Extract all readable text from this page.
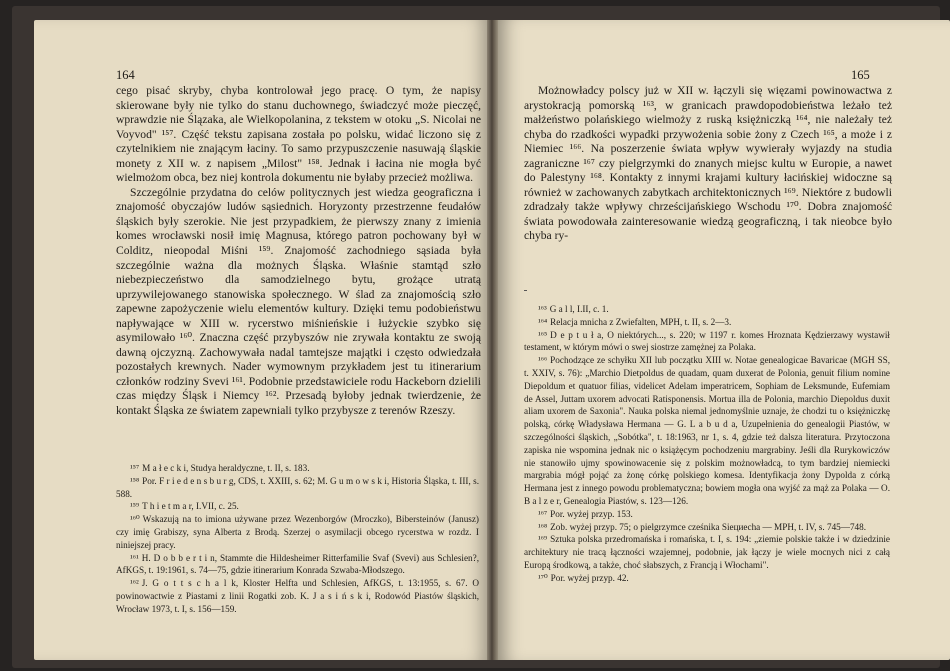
164

cego pisać skryby, chyba kontrolował jego pracę. O tym, że napisy skierowane były nie tylko do stanu duchownego, świadczyć może pieczęć, wprawdzie nie Ślązaka, ale Wielkopolanina, z tekstem w otoku „S. Nicolai ne Voyvod" ¹⁵⁷. Część tekstu zapisana została po polsku, widać liczono się z czytelnikiem nie znającym łaciny. To samo przypuszczenie nasuwają śląskie monety z XII w. z napisem „Milost" ¹⁵⁸. Jednak i łacina nie mogła być wielmożom obca, bez niej kontrola dokumentu nie byłaby przecież możliwa.

Szczególnie przydatna do celów politycznych jest wiedza geograficzna i znajomość obyczajów ludów sąsiednich. Horyzonty przestrzenne feudałów śląskich były szerokie. Nie jest przypadkiem, że pierwszy znany z imienia komes wrocławski nosił imię Magnusa, którego patron pochowany był w Colditz, nieopodal Miśni ¹⁵⁹. Znajomość zachodniego sąsiada była szczególnie ważna dla możnych Śląska. Właśnie stamtąd szło niebezpieczeństwo dla samodzielnego bytu, grożące utratą uprzywilejowanego stanowiska społecznego. W ślad za znajomością szło zapewne zapożyczenie wielu elementów kultury. Dzięki temu podobieństwu napływające w XIII w. rycerstwo miśnieńskie i łużyckie szybko się asymilowało ¹⁶⁰. Znaczna część przybyszów nie zrywała kontaktu ze swoją dawną ojczyzną. Zachowywała nadal tamtejsze majątki i często odwiedzała pozostałych krewnych. Nader wymownym przykładem jest tu itinerarium członków rodziny Svevi ¹⁶¹. Podobnie przedstawiciele rodu Hackeborn dzielili czas między Śląsk i Niemcy ¹⁶². Przesadą byłoby jednak twierdzenie, że kontakt Śląska ze światem zapewniali tylko przybysze z terenów Rzeszy.

¹⁵⁷ M a ł e c k i, Studya heraldyczne, t. II, s. 183.

¹⁵⁸ Por. F r i e d e n s b u r g, CDS, t. XXIII, s. 62; M. G u m o w s k i, Historia Śląska, t. III, s. 588.

¹⁵⁹ T h i e t m a r, I.VII, c. 25.

¹⁶⁰ Wskazują na to imiona używane przez Wezenborgów (Mroczko), Bibersteinów (Janusz) czy imię Grabiszy, syna Alberta z Brodą. Szerzej o asymilacji obcego rycerstwa w rozdz. I niniejszej pracy.

¹⁶¹ H. D o b b e r t i n, Stammte die Hildesheimer Ritterfamilie Svaf (Svevi) aus Schlesien?, AfKGS, t. 19:1961, s. 74—75, gdzie itinerarium Konrada Szwaba-Młodszego.

¹⁶² J. G o t t s c h a l k, Kloster Helfta und Schlesien, AfKGS, t. 13:1955, s. 67. O powinowactwie z Piastami z linii Rogatki zob. K. J a s i ń s k i, Rodowód Piastów śląskich, Wrocław 1973, t. I, s. 156—159.

165

Możnowładcy polscy już w XII w. łączyli się więzami powinowactwa z arystokracją pomorską ¹⁶³, w granicach prawdopodobieństwa leżało też małżeństwo polańskiego wielmoży z ruską księżniczką ¹⁶⁴, nie należały też chyba do rzadkości wypadki przywożenia sobie żony z Czech ¹⁶⁵, a może i z Niemiec ¹⁶⁶. Na poszerzenie świata wpływ wywierały wyjazdy na studia zagraniczne ¹⁶⁷ czy pielgrzymki do znanych miejsc kultu w Europie, a nawet do Palestyny ¹⁶⁸. Kontakty z innymi krajami kultury łacińskiej widoczne są również w zachowanych zabytkach architektonicznych ¹⁶⁹. Niektóre z budowli zdradzały także wpływy chrześcijańskiego Wschodu ¹⁷⁰. Dobra znajomość świata powodowała zainteresowanie wiedzą geograficzną, i tak nieobce było chyba ry-

¹⁶³ G a l l, I.II, c. 1.

¹⁶⁴ Relacja mnicha z Zwiefalten, MPH, t. II, s. 2—3.

¹⁶⁵ D e p t u ł a, O niektórych..., s. 220; w 1197 r. komes Hroznata Kędzierzawy wystawił testament, w którym mówi o swej siostrze zamężnej za Polaka.

¹⁶⁶ Pochodzące ze schyłku XII lub początku XIII w. Notae genealogicae Bavaricae (MGH SS, t. XXIV, s. 76): „Marchio Dietpoldus de quadam, quam duxerat de Polonia, genuit filium nomine Diepoldum et quatuor filias, videlicet Adelam imperatricem, Sophiam de Leksmunde, Eufemiam de Assel, Juttam uxorem advocati Ratisponensis. Mortua illa de Polonia, marchio Diepoldus duxit aliam uxorem de Saxonia". Nauka polska niemal jednomyślnie uznaje, że chodzi tu o księżniczkę polską, córkę Władysława Hermana — G. L a b u d a, Uzupełnienia do genealogii Piastów, w szczególności śląskich, „Sobótka", t. 18:1963, nr 1, s. 4, gdzie też dalsza literatura. Przytoczona zapiska nie wspomina jednak nic o książęcym pochodzeniu margrabiny. Jeśli dla Rurykowiczów nie stanowiło ujmy spowinowacenie się z polskim możnowładcą, to tym bardziej niemiecki margrabia mógł pojąć za żonę córkę polskiego komesa. Identyfikacja żony Dypolda z córką Hermana jest z innego powodu problematyczna; bowiem mogła ona wyjść za mąż za Polaka — O. B a l z e r, Genealogia Piastów, s. 123—126.

¹⁶⁷ Por. wyżej przyp. 153.

¹⁶⁸ Zob. wyżej przyp. 75; o pielgrzymce cześnika Siециеcha — MPH, t. IV, s. 745—748.

¹⁶⁹ Sztuka polska przedromańska i romańska, t. I, s. 194: „ziemie polskie także i w dziedzinie architektury nie tracą łączności wzajemnej, podobnie, jak łączy je wiele mocnych nici z całą Europą środkową, a także, choć słabszych, z Francją i Włochami".

¹⁷⁰ Por. wyżej przyp. 42.
